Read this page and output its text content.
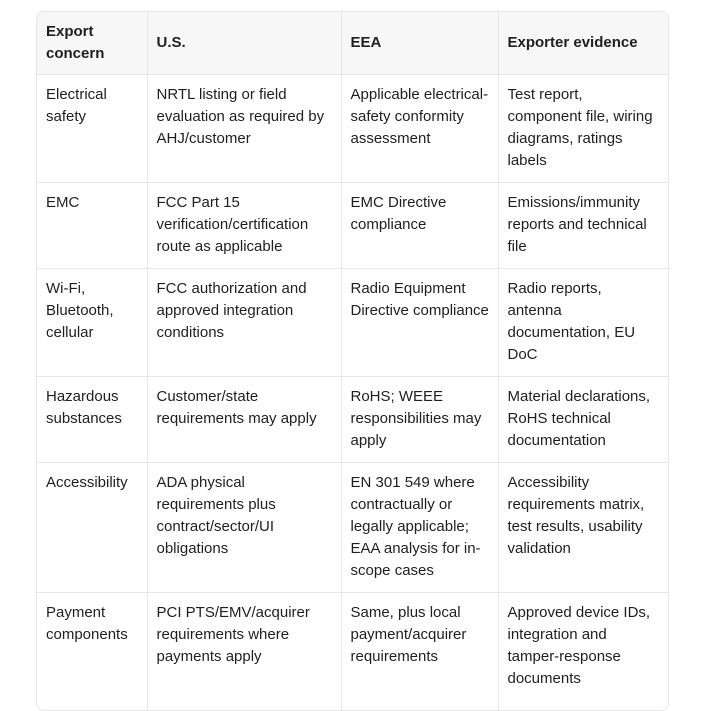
Export concern	U.S.	EEA	Exporter evidence
Electrical safety	NRTL listing or field evaluation as required by AHJ/customer	Applicable electrical-safety conformity assessment	Test report, component file, wiring diagrams, ratings labels
EMC	FCC Part 15 verification/certification route as applicable	EMC Directive compliance	Emissions/immunity reports and technical file
Wi-Fi, Bluetooth, cellular	FCC authorization and approved integration conditions	Radio Equipment Directive compliance	Radio reports, antenna documentation, EU DoC
Hazardous substances	Customer/state requirements may apply	RoHS; WEEE responsibilities may apply	Material declarations, RoHS technical documentation
Accessibility	ADA physical requirements plus contract/sector/UI obligations	EN 301 549 where contractually or legally applicable; EAA analysis for in-scope cases	Accessibility requirements matrix, test results, usability validation
Payment components	PCI PTS/EMV/acquirer requirements where payments apply	Same, plus local payment/acquirer requirements	Approved device IDs, integration and tamper-response documents
